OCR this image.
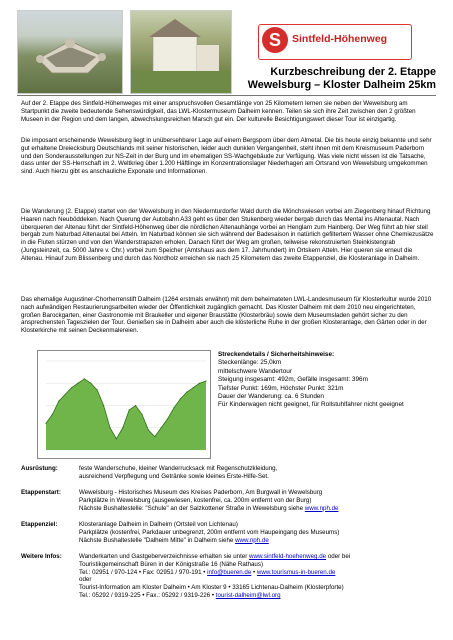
S	Sintfeld-Höhenweg
Kurzbeschreibung der 2. Etappe
Wewelsburg – Kloster Dalheim 25km
Auf der 2. Etappe des Sintfeld-Höhenweges mit einer anspruchsvollen Gesamtlänge von 25 Kilometern lernen sie neben der Wewelsburg am Startpunkt die zweite bedeutende Sehenswürdigkeit, das LWL-Klostermuseum Dalheim kennen. Teilen sie sich ihre Zeit zwischen den 2 größten Museen in der Region und dem langen, abwechslungsreichen Marsch gut ein. Der kulturelle Besichtigungswert dieser Tour ist einzigartig.
Die imposant erscheinende Wewelsburg liegt in unübersehbarer Lage auf einem Bergsporn über dem Almetal. Die bis heute einzig bekannte und sehr gut erhaltene Dreiecksburg Deutschlands mit seiner historischen, leider auch dunklen Vergangenheit, steht ihnen mit dem Kreismuseum Paderborn und den Sonderausstellungen zur NS-Zeit in der Burg und im ehemaligen SS-Wachgebäude zur Verfügung. Was viele nicht wissen ist die Tatsache, dass unter der SS-Herrschaft im 2. Weltkrieg über 1.200 Häftlinge im Konzentrationslager Niederhagen am Ortsrand von Wewelsburg umgekommen sind. Auch hierzu gibt es anschauliche Exponate und Informationen.
Die Wanderung (2. Etappe) startet von der Wewelsburg in den Niedernturdorfer Wald durch die Mönchswiesen vorbei am Ziegenberg hinauf Richtung Haaren nach Neuböddeken. Nach Querung der Autobahn A33 geht es über den Stukenberg wieder bergab durch das Mental ins Altenautal. Nach überqueren der Altenau führt der Sintfeld-Höhenweg über die nördlichen Altenauhänge vorbei an Henglarn zum Hainberg. Der Weg führt ab hier steil bergab zum Naturbad Altenautal bei Atteln. Im Naturbad können sie sich während der Badesaison in natürlich gefiltertem Wasser ohne Chemiezusätze in die Fluten stürzen und von den Wanderstrapazen erholen. Danach führt der Weg am großen, teilweise rekonstruierten Steinkistengrab (Jungsteinzeit, ca. 5000 Jahre v. Chr.) vorbei zum Speicher (Amtshaus aus dem 17. Jahrhundert) im Ortskern Atteln. Hier queren sie erneut die Altenau. Hinauf zum Blissenberg und durch das Nordholz erreichen sie nach 25 Kilometern das zweite Etappenziel, die Klosteranlage in Dalheim.
Das ehemalige Augustiner-Chorherrenstift Dalheim (1264 erstmals erwähnt) mit dem beheimateten LWL-Landesmuseum für Klosterkultur wurde 2010 nach aufwändigen Restaurierungsarbeiten wieder der Öffentlichkeit zugänglich gemacht. Das Kloster Dalheim mit dem 2010 neu eingerichteten, großen Barockgarten, einer Gastronomie mit Braukeller und eigener Braustätte (Klosterbräu) sowie dem Museumsladen gehört sicher zu den ansprechensten Tageszielen der Tour. Genießen sie in Dalheim aber auch die klösterliche Ruhe in der großen Klosteranlage, den Gärten oder in der Klosterkirche mit seinen Deckenmalereien.
Streckendetails / Sicherheitshinweise:
Steckenlänge: 25,0km
mittelschwere Wandertour
Steigung insgesamt: 492m, Gefälle insgesamt: 396m
Tiefster Punkt: 169m, Höchster Punkt: 321m
Dauer der Wanderung: ca. 6 Stunden
Für Kinderwagen nicht geeignet, für Rollstuhlfahrer nicht geeignet
Ausrüstung:	feste Wanderschuhe, kleiner Wanderrucksack mit Regenschutzkleidung,
ausreichend Verpflegung und Getränke sowie kleines Erste-Hilfe-Set.
Etappenstart:	Wewelsburg - Historisches Museum des Kreises Paderborn, Am Burgwall in Wewelsburg
Parkplätze in Wewelsburg (ausgewiesen, kostenfrei, ca. 200m entfernt von der Burg)
Nächste Bushaltestelle: "Schule" an der Salzkottener Straße in Wewelsburg siehe www.nph.de
Etappenziel:	Klosteranlage Dalheim in Dalheim (Ortsteil von Lichtenau)
Parkplätze (kostenfrei, Parkdauer unbegrenzt, 200m entfernt vom Haupeingang des Museums)
Nächste Bushaltestelle "Dalheim Mitte" in Dalheim siehe www.nph.de
Weitere Infos:	Wanderkarten und Gastgeberverzeichnisse erhalten sie unter www.sintfeld-hoehenweg.de oder bei
Touristikgemeinschaft Büren in der Königstraße 16 (Nähe Rathaus)
Tel.: 02951 / 970-124 • Fax: 02951 / 970-191 • info@bueren.de • www.tourismus-in-bueren.de
oder
Tourist-Information am Kloster Dalheim • Am Kloster 9 • 33165 Lichtenau-Dalheim (Klosterpforte)
Tel.: 05292 / 9319-225 • Fax.: 05292 / 9319-226 • tourist-dalheim@lwl.org
